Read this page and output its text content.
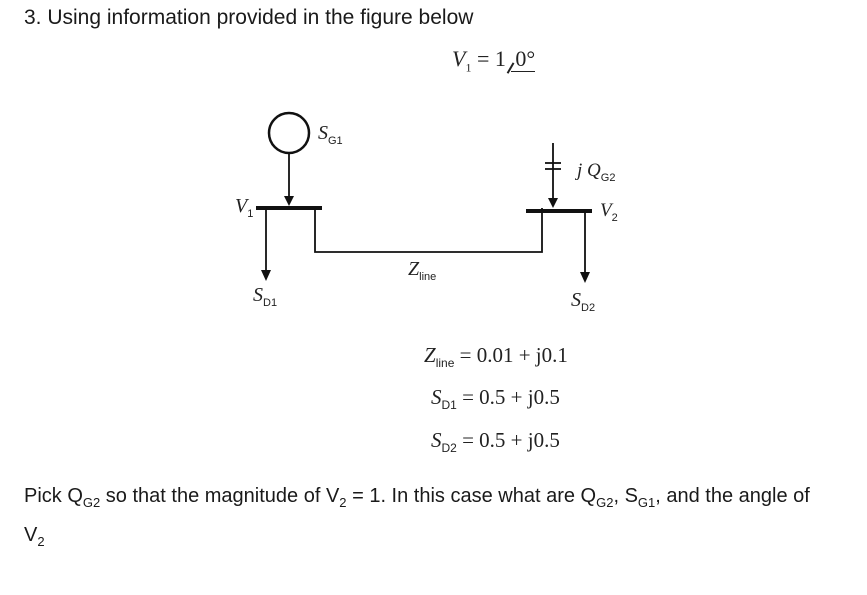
3. Using information provided in the figure below
$V_1 = 1$ 0°
$S_{G1}$
$V_1$
$S_{D1}$
$Z_{line}$
j $Q_{G2}$
$V_2$
$S_{D2}$
$Z_{line} = 0.01 + j0.1$
$S_{D1} = 0.5 + j0.5$
$S_{D2} = 0.5 + j0.5$
Pick $Q_{G2}$ so that the magnitude of $V_2 = 1$. In this case what are $Q_{G2}$, $S_{G1}$, and the angle of $V_2$
